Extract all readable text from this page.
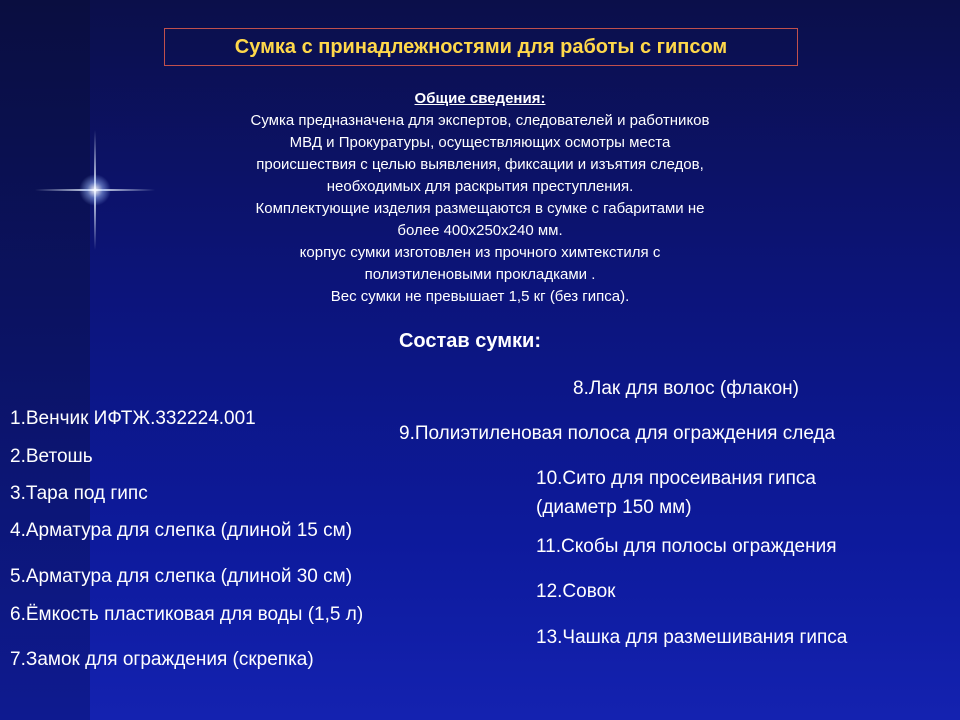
Сумка с принадлежностями для работы с гипсом
Общие сведения:
Сумка предназначена для экспертов, следователей и работников
МВД и Прокуратуры, осуществляющих осмотры места
происшествия с целью выявления, фиксации и изъятия следов,
необходимых для раскрытия преступления.
Комплектующие изделия размещаются в сумке с габаритами не
более 400х250х240 мм.
корпус сумки изготовлен из прочного химтекстиля с
полиэтиленовыми прокладками .
Вес сумки не превышает 1,5 кг (без гипса).
Состав сумки:
1.Венчик ИФТЖ.332224.001
2.Ветошь
3.Тара под гипс
4.Арматура для слепка (длиной 15 см)
5.Арматура для слепка (длиной 30 см)
6.Ёмкость пластиковая для воды (1,5 л)
7.Замок для ограждения (скрепка)
8.Лак для волос (флакон)
9.Полиэтиленовая полоса для ограждения следа
10.Сито для просеивания гипса
(диаметр 150 мм)
11.Скобы для полосы ограждения
12.Совок
13.Чашка для размешивания гипса
